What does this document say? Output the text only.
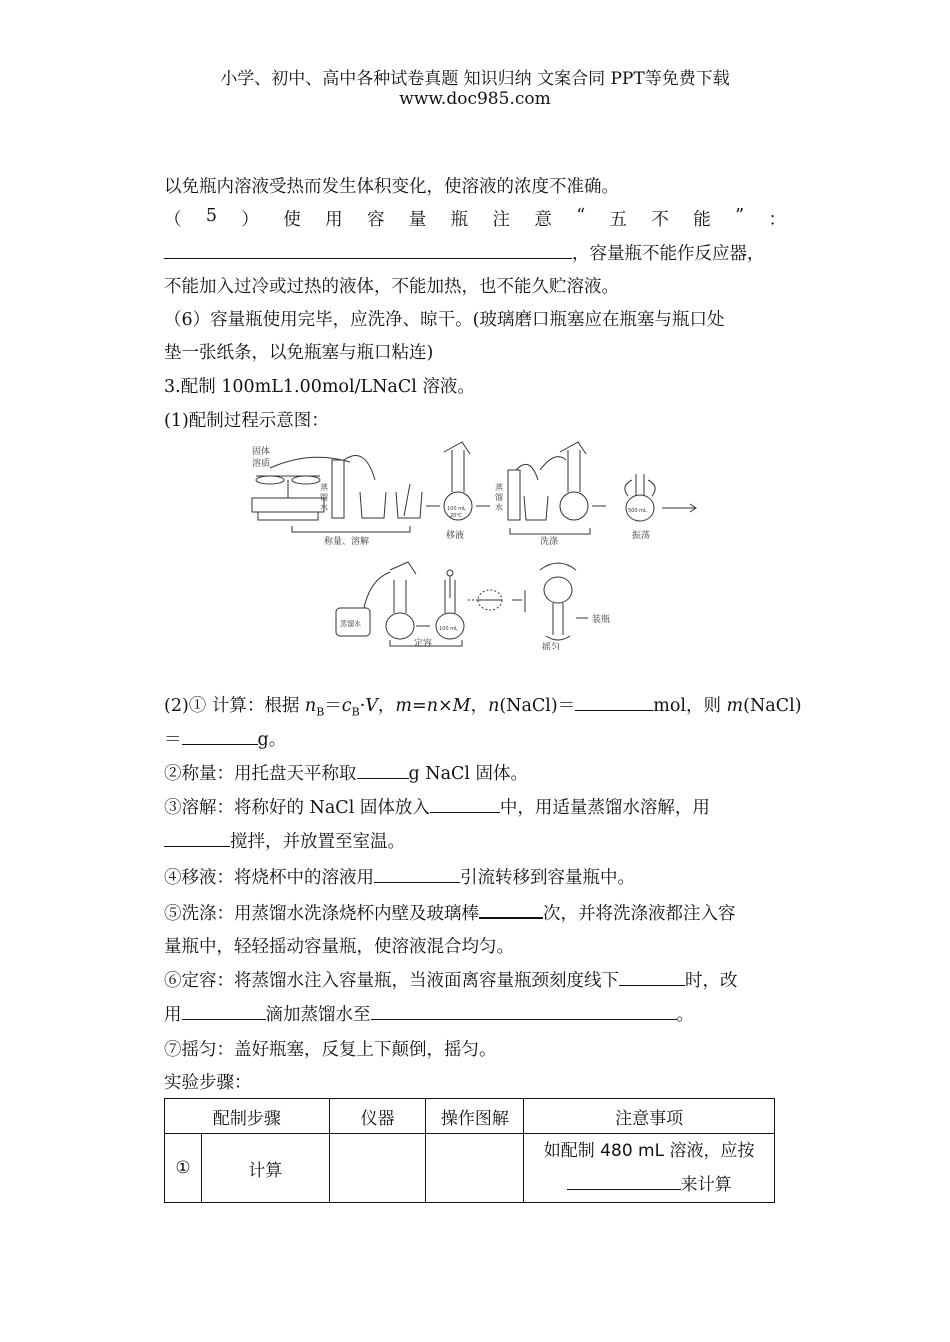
小学、初中、高中各种试卷真题 知识归纳 文案合同 PPT等免费下载
www.doc985.com
以免瓶内溶液受热而发生体积变化，使溶液的浓度不准确。
（ 5 ） 使 用 容 量 瓶 注 意 “ 五 不 能 ” ：
，容量瓶不能作反应器，
不能加入过冷或过热的液体，不能加热，也不能久贮溶液。
（6）容量瓶使用完毕，应洗净、晾干。(玻璃磨口瓶塞应在瓶塞与瓶口处
垫一张纸条，以免瓶塞与瓶口粘连)
3.配制 100mL1.00mol/LNaCl 溶液。
(1)配制过程示意图：
固体
溶质
蒸
馏
水
称量、溶解
100 mL
20℃
移液
蒸
馏
水
洗涤
500 mL
振荡
蒸馏水
100 mL
定容
装瓶
摇匀
(2)① 计算：根据 $n_B=c_B\cdot V$，m=n×M，n(NaCl)＝	mol，则 m(NaCl)
＝	g。
②称量：用托盘天平称取	g NaCl 固体。
③溶解：将称好的 NaCl 固体放入	中，用适量蒸馏水溶解，用
搅拌，并放置至室温。
④移液：将烧杯中的溶液用	引流转移到容量瓶中。
⑤洗涤：用蒸馏水洗涤烧杯内壁及玻璃棒	次，并将洗涤液都注入容
量瓶中，轻轻摇动容量瓶，使溶液混合均匀。
⑥定容：将蒸馏水注入容量瓶，当液面离容量瓶颈刻度线下	时，改
用	滴加蒸馏水至	。
⑦摇匀：盖好瓶塞，反复上下颠倒，摇匀。
实验步骤：
配制步骤		仪器	操作图解	注意事项
①	计算			如配制 480 mL 溶液，应按
来计算
